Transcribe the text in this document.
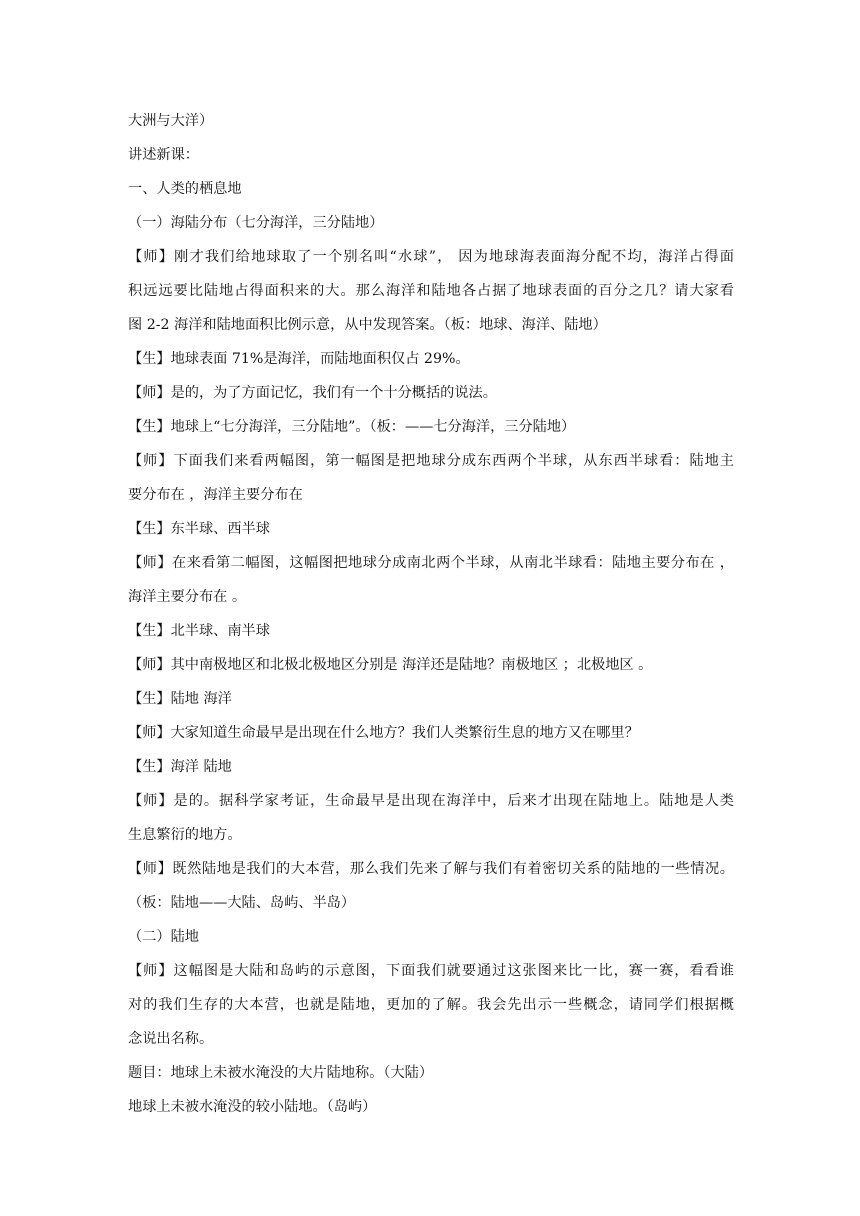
大洲与大洋）
讲述新课：
一、人类的栖息地
（一）海陆分布（七分海洋，三分陆地）
【师】刚才我们给地球取了一个别名叫“水球”， 因为地球海表面海分配不均，海洋占得面
积远远要比陆地占得面积来的大。那么海洋和陆地各占据了地球表面的百分之几？请大家看
图 2-2 海洋和陆地面积比例示意，从中发现答案。（板：地球、海洋、陆地）
【生】地球表面 71%是海洋，而陆地面积仅占 29%。
【师】是的，为了方面记忆，我们有一个十分概括的说法。
【生】地球上“七分海洋，三分陆地”。（板：——七分海洋，三分陆地）
【师】下面我们来看两幅图，第一幅图是把地球分成东西两个半球，从东西半球看：陆地主
要分布在 ，海洋主要分布在
【生】东半球、西半球
【师】在来看第二幅图，这幅图把地球分成南北两个半球，从南北半球看：陆地主要分布在 ，
海洋主要分布在 。
【生】北半球、南半球
【师】其中南极地区和北极北极地区分别是 海洋还是陆地？南极地区 ；北极地区 。
【生】陆地 海洋
【师】大家知道生命最早是出现在什么地方？我们人类繁衍生息的地方又在哪里？
【生】海洋 陆地
【师】是的。据科学家考证，生命最早是出现在海洋中，后来才出现在陆地上。陆地是人类
生息繁衍的地方。
【师】既然陆地是我们的大本营，那么我们先来了解与我们有着密切关系的陆地的一些情况。
（板：陆地——大陆、岛屿、半岛）
（二）陆地
【师】这幅图是大陆和岛屿的示意图，下面我们就要通过这张图来比一比，赛一赛，看看谁
对的我们生存的大本营，也就是陆地，更加的了解。我会先出示一些概念，请同学们根据概
念说出名称。
题目：地球上未被水淹没的大片陆地称。（大陆）
地球上未被水淹没的较小陆地。（岛屿）
